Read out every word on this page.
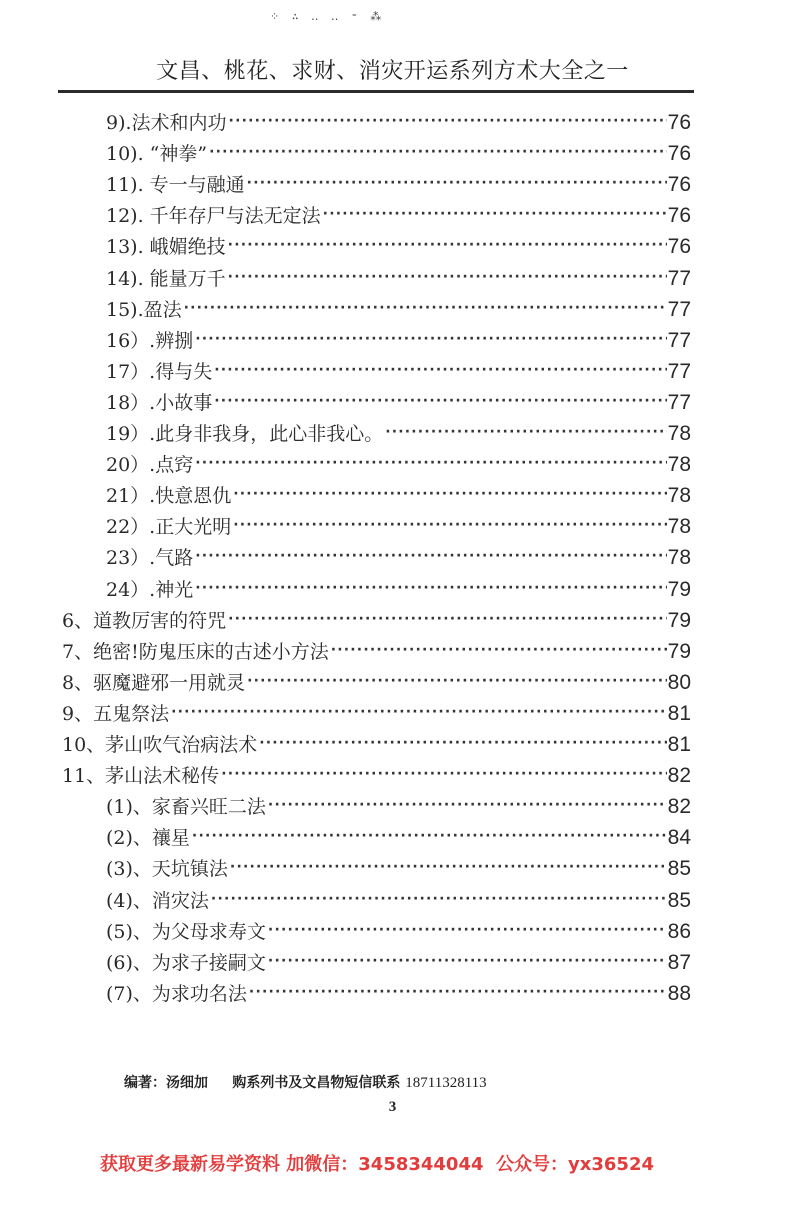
⁘ ∴ ‥ ‥ ⁼ ⁂
文昌、桃花、求财、消灾开运系列方术大全之一
9).法术和内功 ·····	76
10). “神拳” ·····	76
11). 专一与融通 ·····	76
12). 千年存尸与法无定法 ·····	76
13). 峨媚绝技 ·····	76
14). 能量万千 ·····	77
15).盈法 ·····	77
16）.辨捌 ·····	77
17）.得与失 ·····	77
18）.小故事 ·····	77
19）.此身非我身，此心非我心。 ·····	78
20）.点窍 ·····	78
21）.快意恩仇 ·····	78
22）.正大光明 ·····	78
23）.气路 ·····	78
24）.神光 ·····	79
6、道教厉害的符咒 ·····	79
7、绝密!防鬼压床的古述小方法 ·····	79
8、驱魔避邪一用就灵 ·····	80
9、五鬼祭法 ·····	81
10、茅山吹气治病法术 ·····	81
11、茅山法术秘传 ·····	82
(1)、家畜兴旺二法 ·····	82
(2)、禳星 ·····	84
(3)、天坑镇法 ·····	85
(4)、消灾法 ·····	85
(5)、为父母求寿文 ·····	86
(6)、为求子接嗣文 ·····	87
(7)、为求功名法 ·····	88
编著：汤细加     购系列书及文昌物短信联系 18711328113
3
获取更多最新易学资料 加微信：3458344044  公众号：yx36524
